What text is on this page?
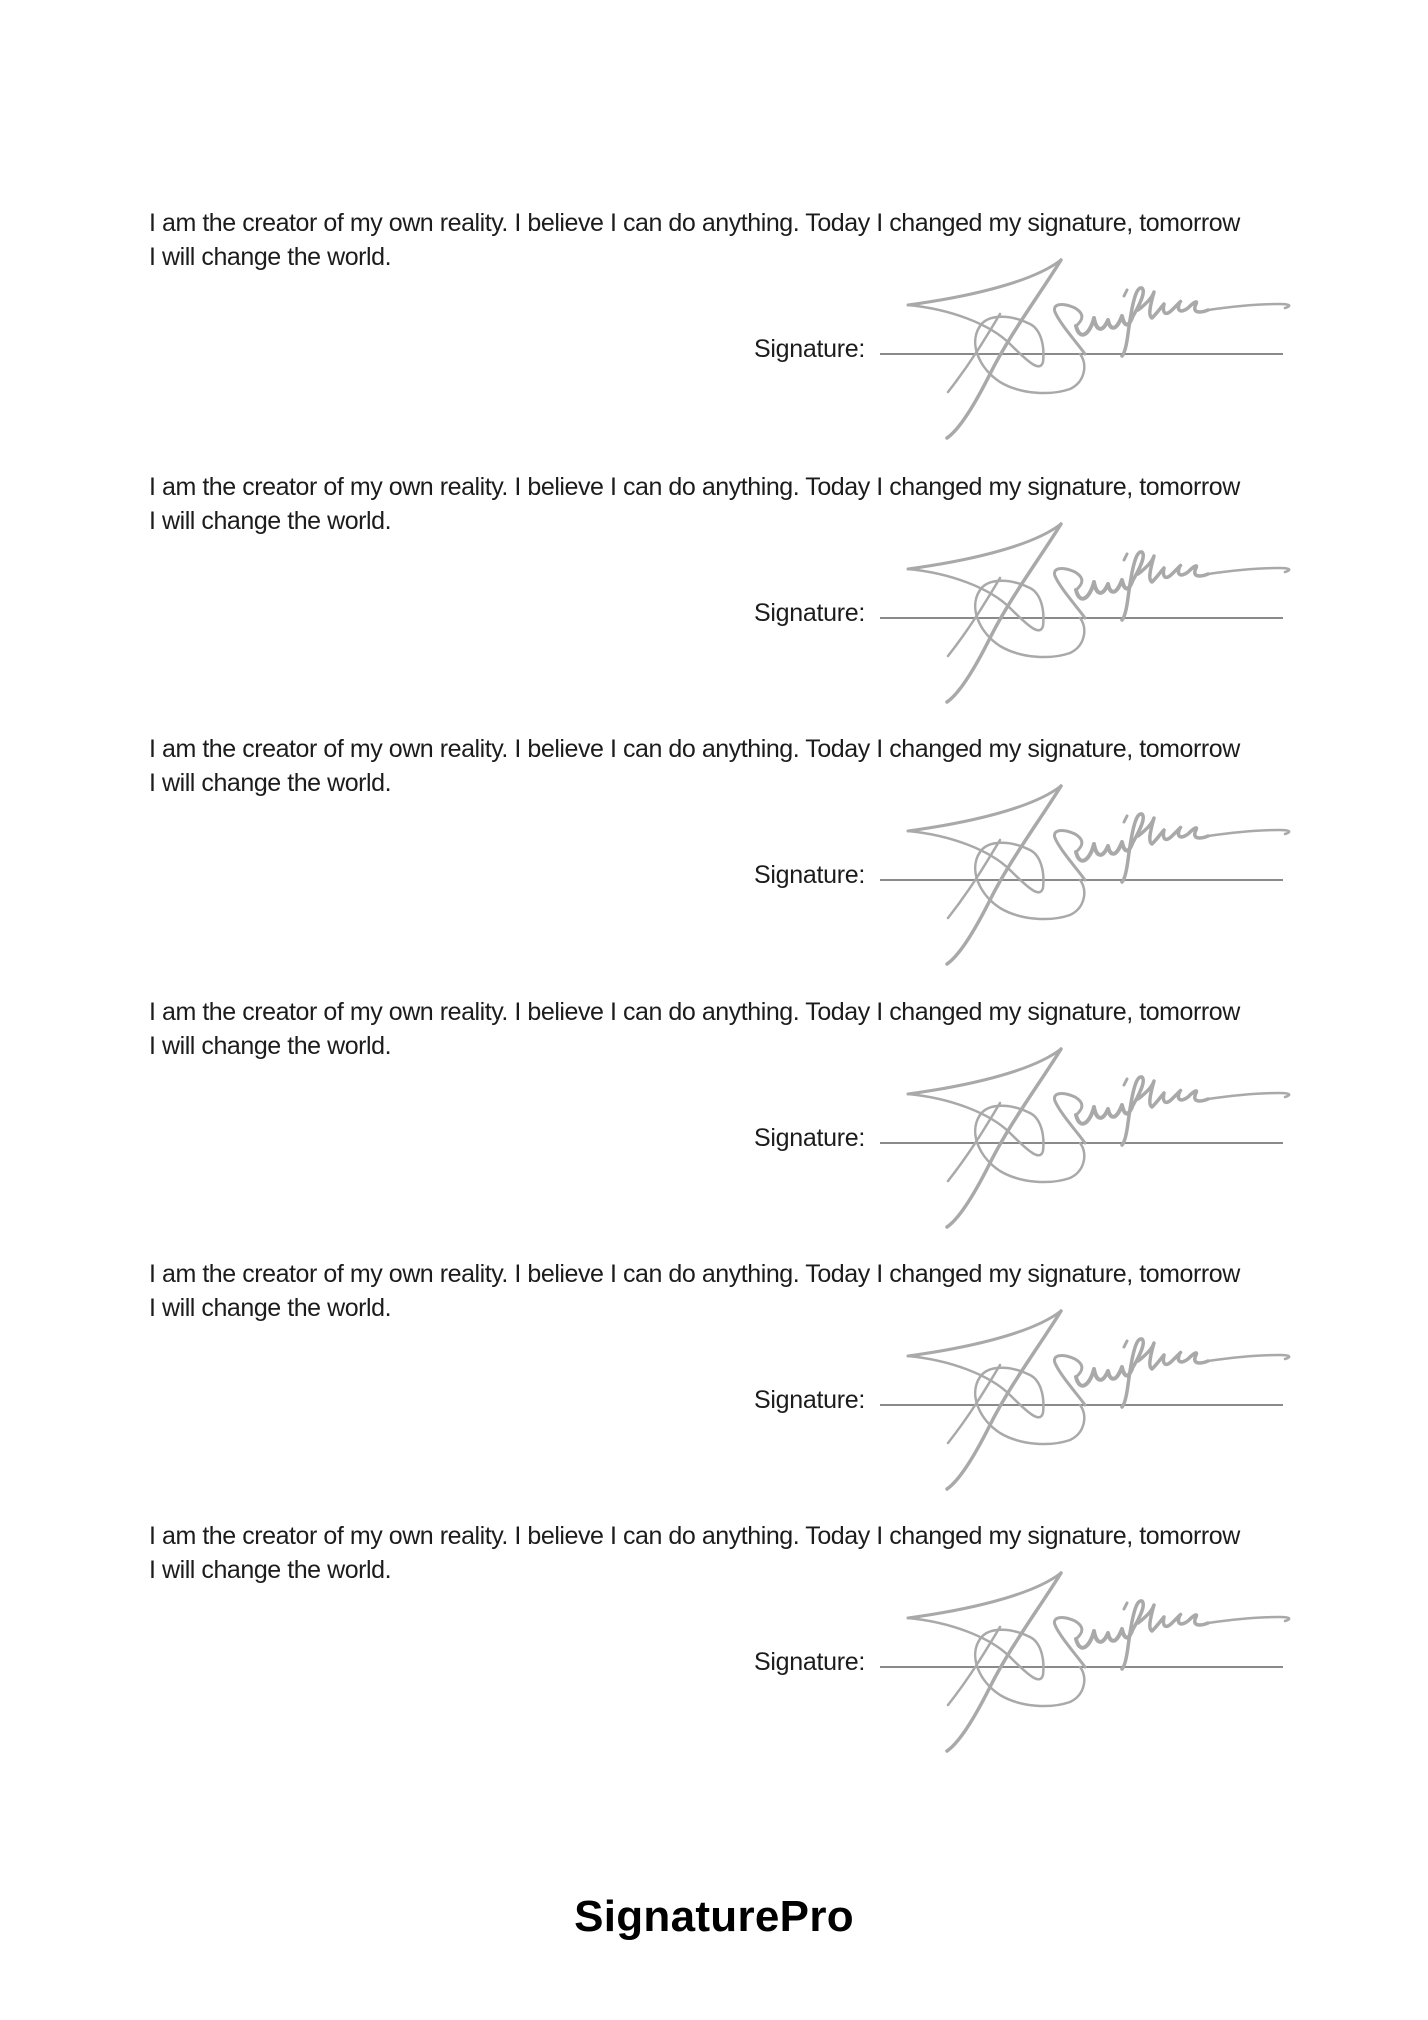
I am the creator of my own reality. I believe I can do anything. Today I changed my signature, tomorrow
I will change the world.

Signature:

I am the creator of my own reality. I believe I can do anything. Today I changed my signature, tomorrow
I will change the world.

Signature:

I am the creator of my own reality. I believe I can do anything. Today I changed my signature, tomorrow
I will change the world.

Signature:

I am the creator of my own reality. I believe I can do anything. Today I changed my signature, tomorrow
I will change the world.

Signature:

I am the creator of my own reality. I believe I can do anything. Today I changed my signature, tomorrow
I will change the world.

Signature:

I am the creator of my own reality. I believe I can do anything. Today I changed my signature, tomorrow
I will change the world.

Signature:
SignaturePro
